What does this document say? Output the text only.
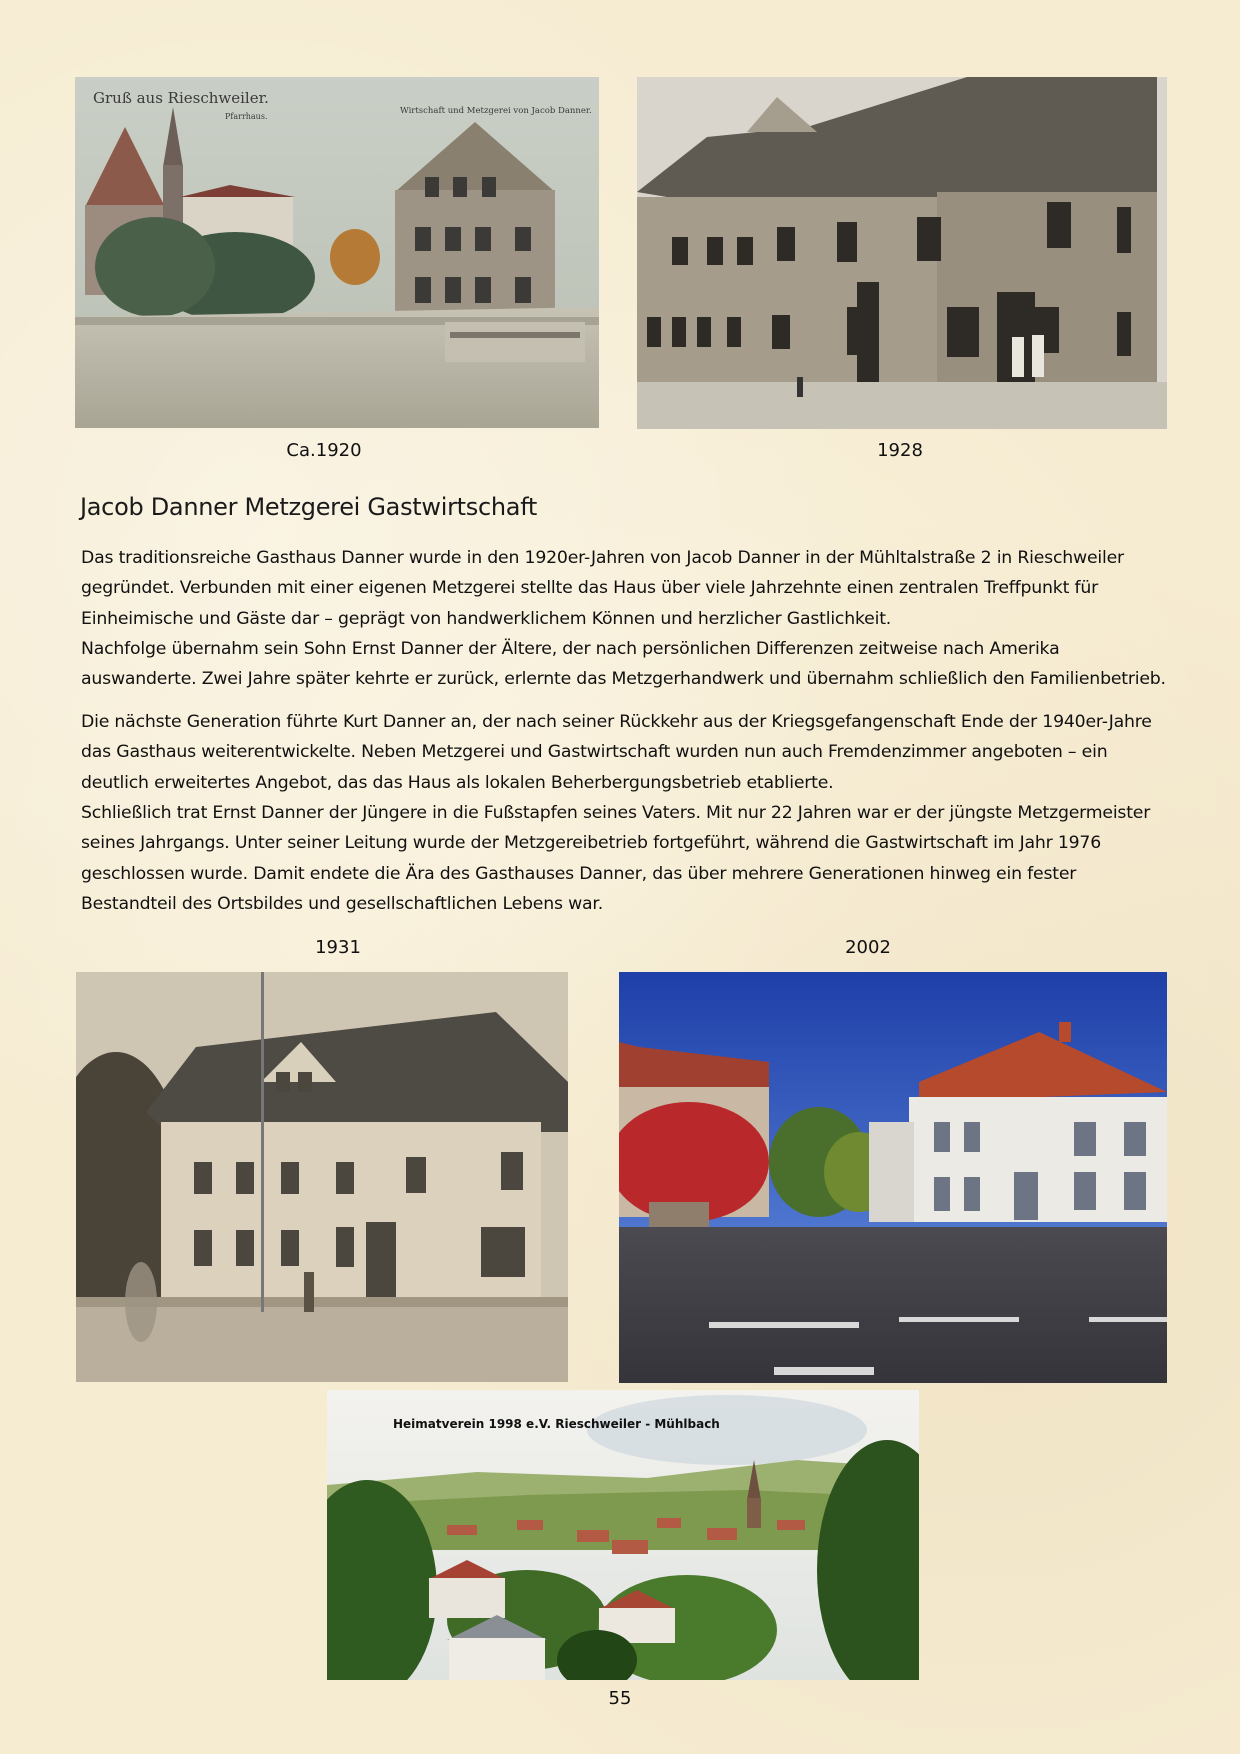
Gruß aus Rieschweiler.
Pfarrhaus.
Wirtschaft und Metzgerei von Jacob Danner.
Ca.1920	1928
Jacob Danner Metzgerei Gastwirtschaft

Das traditionsreiche Gasthaus Danner wurde in den 1920er-Jahren von Jacob Danner in der Mühltalstraße 2 in Rieschweiler gegründet. Verbunden mit einer eigenen Metzgerei stellte das Haus über viele Jahrzehnte einen zentralen Treffpunkt für Einheimische und Gäste dar – geprägt von handwerklichem Können und herzlicher Gastlichkeit.

Nachfolge übernahm sein Sohn Ernst Danner der Ältere, der nach persönlichen Differenzen zeitweise nach Amerika auswanderte. Zwei Jahre später kehrte er zurück, erlernte das Metzgerhandwerk und übernahm schließlich den Familienbetrieb.

Die nächste Generation führte Kurt Danner an, der nach seiner Rückkehr aus der Kriegsgefangenschaft Ende der 1940er-Jahre das Gasthaus weiterentwickelte. Neben Metzgerei und Gastwirtschaft wurden nun auch Fremdenzimmer angeboten – ein deutlich erweitertes Angebot, das das Haus als lokalen Beherbergungsbetrieb etablierte.

Schließlich trat Ernst Danner der Jüngere in die Fußstapfen seines Vaters. Mit nur 22 Jahren war er der jüngste Metzgermeister seines Jahrgangs. Unter seiner Leitung wurde der Metzgereibetrieb fortgeführt, während die Gastwirtschaft im Jahr 1976 geschlossen wurde. Damit endete die Ära des Gasthauses Danner, das über mehrere Generationen hinweg ein fester Bestandteil des Ortsbildes und gesellschaftlichen Lebens war.

1931	2002
Heimatverein 1998 e.V. Rieschweiler - Mühlbach
55
